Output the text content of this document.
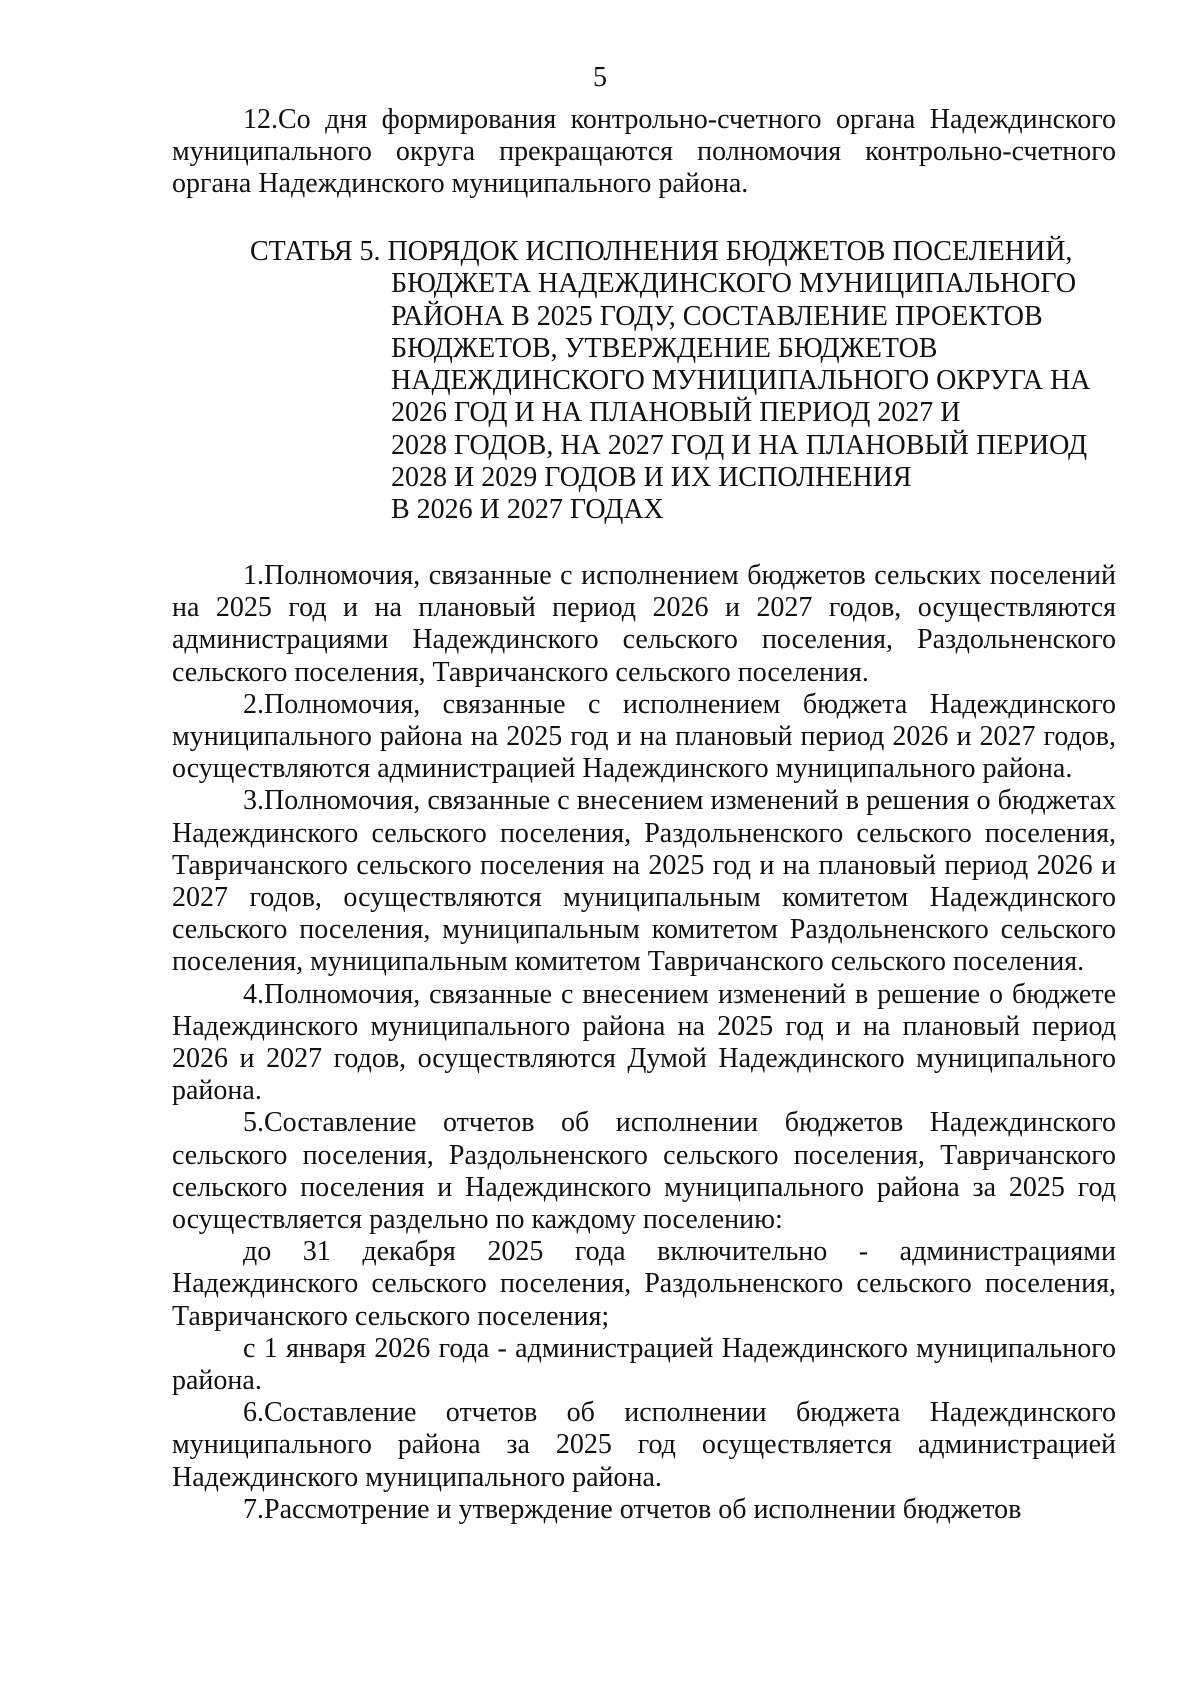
5

12.Со дня формирования контрольно-счетного органа Надеждинского муниципального округа прекращаются полномочия контрольно-счетного органа Надеждинского муниципального района.

СТАТЬЯ 5. ПОРЯДОК ИСПОЛНЕНИЯ БЮДЖЕТОВ ПОСЕЛЕНИЙ,
БЮДЖЕТА НАДЕЖДИНСКОГО МУНИЦИПАЛЬНОГО
РАЙОНА В 2025 ГОДУ, СОСТАВЛЕНИЕ ПРОЕКТОВ
БЮДЖЕТОВ, УТВЕРЖДЕНИЕ БЮДЖЕТОВ
НАДЕЖДИНСКОГО МУНИЦИПАЛЬНОГО ОКРУГА НА
2026 ГОД И НА ПЛАНОВЫЙ ПЕРИОД 2027 И
2028 ГОДОВ, НА 2027 ГОД И НА ПЛАНОВЫЙ ПЕРИОД
2028 И 2029 ГОДОВ И ИХ ИСПОЛНЕНИЯ
В 2026 И 2027 ГОДАХ

1.Полномочия, связанные с исполнением бюджетов сельских поселений на 2025 год и на плановый период 2026 и 2027 годов, осуществляются администрациями Надеждинского сельского поселения, Раздольненского сельского поселения, Тавричанского сельского поселения.

2.Полномочия, связанные с исполнением бюджета Надеждинского муниципального района на 2025 год и на плановый период 2026 и 2027 годов, осуществляются администрацией Надеждинского муниципального района.

3.Полномочия, связанные с внесением изменений в решения о бюджетах Надеждинского сельского поселения, Раздольненского сельского поселения, Тавричанского сельского поселения на 2025 год и на плановый период 2026 и 2027 годов, осуществляются муниципальным комитетом Надеждинского сельского поселения, муниципальным комитетом Раздольненского сельского поселения, муниципальным комитетом Тавричанского сельского поселения.

4.Полномочия, связанные с внесением изменений в решение о бюджете Надеждинского муниципального района на 2025 год и на плановый период 2026 и 2027 годов, осуществляются Думой Надеждинского муниципального района.

5.Составление отчетов об исполнении бюджетов Надеждинского сельского поселения, Раздольненского сельского поселения, Тавричанского сельского поселения и Надеждинского муниципального района за 2025 год осуществляется раздельно по каждому поселению:

до 31 декабря 2025 года включительно - администрациями Надеждинского сельского поселения, Раздольненского сельского поселения, Тавричанского сельского поселения;

с 1 января 2026 года - администрацией Надеждинского муниципального района.

6.Составление отчетов об исполнении бюджета Надеждинского муниципального района за 2025 год осуществляется администрацией Надеждинского муниципального района.

7.Рассмотрение и утверждение отчетов об исполнении бюджетов
